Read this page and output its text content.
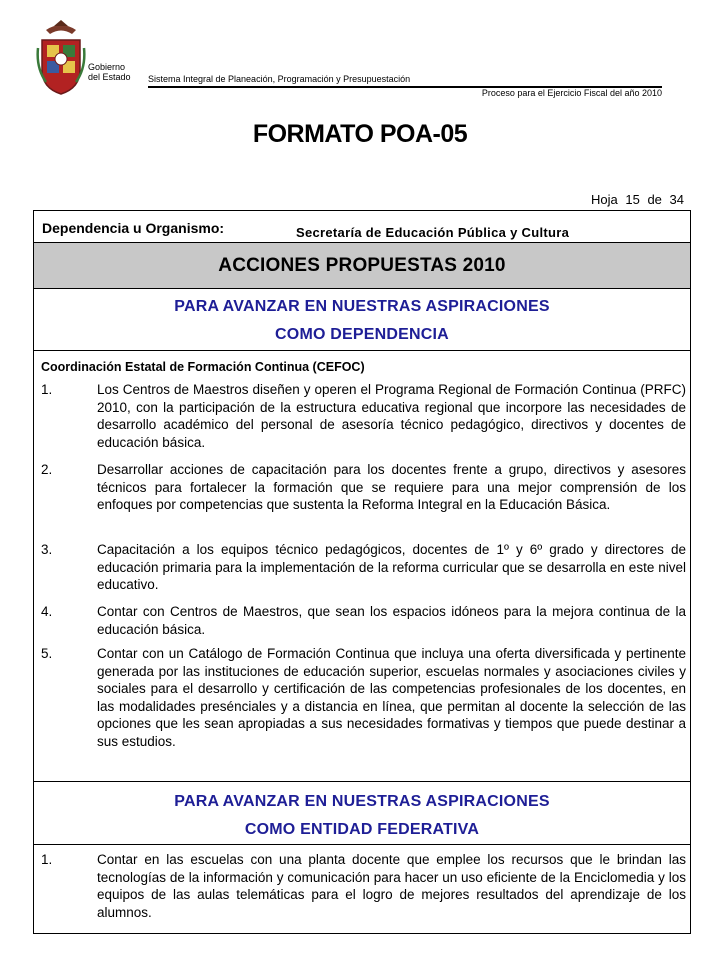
Gobierno
del Estado Sistema Integral de Planeación, Programación y Presupuestación
Proceso para el Ejercicio Fiscal del año 2010
FORMATO POA-05
Hoja 15 de 34
Dependencia u Organismo:	Secretaría de Educación Pública y Cultura
ACCIONES PROPUESTAS 2010
PARA AVANZAR EN NUESTRAS ASPIRACIONES
COMO DEPENDENCIA
Coordinación Estatal de Formación Continua (CEFOC)
1.	Los Centros de Maestros diseñen y operen el Programa Regional de Formación Continua (PRFC) 2010, con la participación de la estructura educativa regional que incorpore las necesidades de desarrollo académico del personal de asesoría técnico pedagógico, directivos y docentes de educación básica.
2.	Desarrollar acciones de capacitación para los docentes frente a grupo, directivos y asesores técnicos para fortalecer la formación que se requiere para una mejor comprensión de los enfoques por competencias que sustenta la Reforma Integral en la Educación Básica.
3.	Capacitación a los equipos técnico pedagógicos, docentes de 1º y 6º grado y directores de educación primaria para la implementación de la reforma curricular que se desarrolla en este nivel educativo.
4.	Contar con Centros de Maestros, que sean los espacios idóneos para la mejora continua de la educación básica.
5.	Contar con un Catálogo de Formación Continua que incluya una oferta diversificada y pertinente generada por las instituciones de educación superior, escuelas normales y asociaciones civiles y sociales para el desarrollo y certificación de las competencias profesionales de los docentes, en las modalidades presénciales y a distancia en línea, que permitan al docente la selección de las opciones que les sean apropiadas a sus necesidades formativas y tiempos que puede destinar a sus estudios.
PARA AVANZAR EN NUESTRAS ASPIRACIONES
COMO ENTIDAD FEDERATIVA
1.	Contar en las escuelas con una planta docente que emplee los recursos que le brindan las tecnologías de la información y comunicación para hacer un uso eficiente de la Enciclomedia y los equipos de las aulas telemáticas para el logro de mejores resultados del aprendizaje de los alumnos.
